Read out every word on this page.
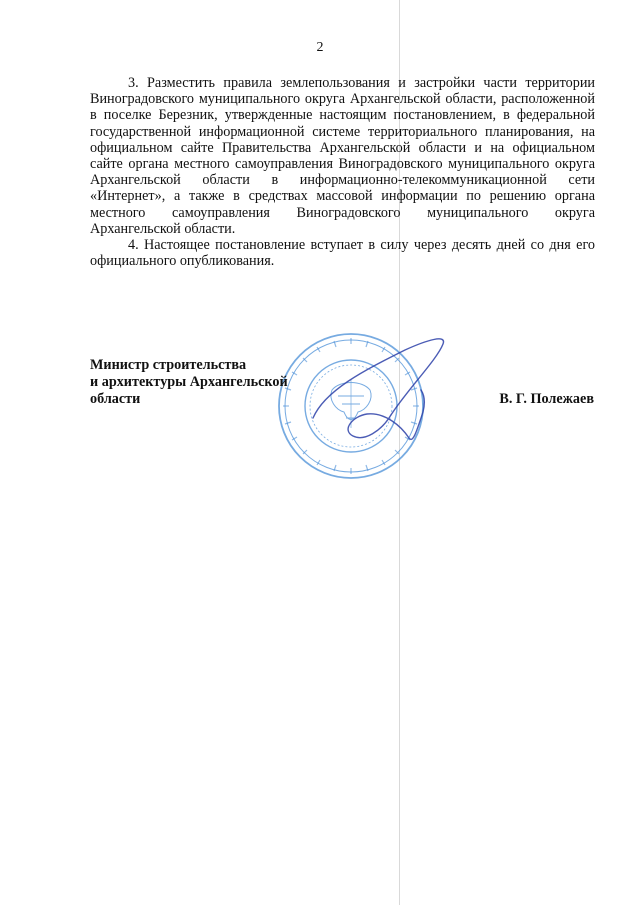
2

3. Разместить правила землепользования и застройки части территории Виноградовского муниципального округа Архангельской области, расположенной в поселке Березник, утвержденные настоящим постановлением, в федеральной государственной информационной системе территориального планирования, на официальном сайте Правительства Архангельской области и на официальном сайте органа местного самоуправления Виноградовского муниципального округа Архангельской области в информационно-телекоммуникационной сети «Интернет», а также в средствах массовой информации по решению органа местного самоуправления Виноградовского муниципального округа Архангельской области.

4. Настоящее постановление вступает в силу через десять дней со дня его официального опубликования.

Министр строительства
и архитектуры Архангельской
области	В. Г. Полежаев
